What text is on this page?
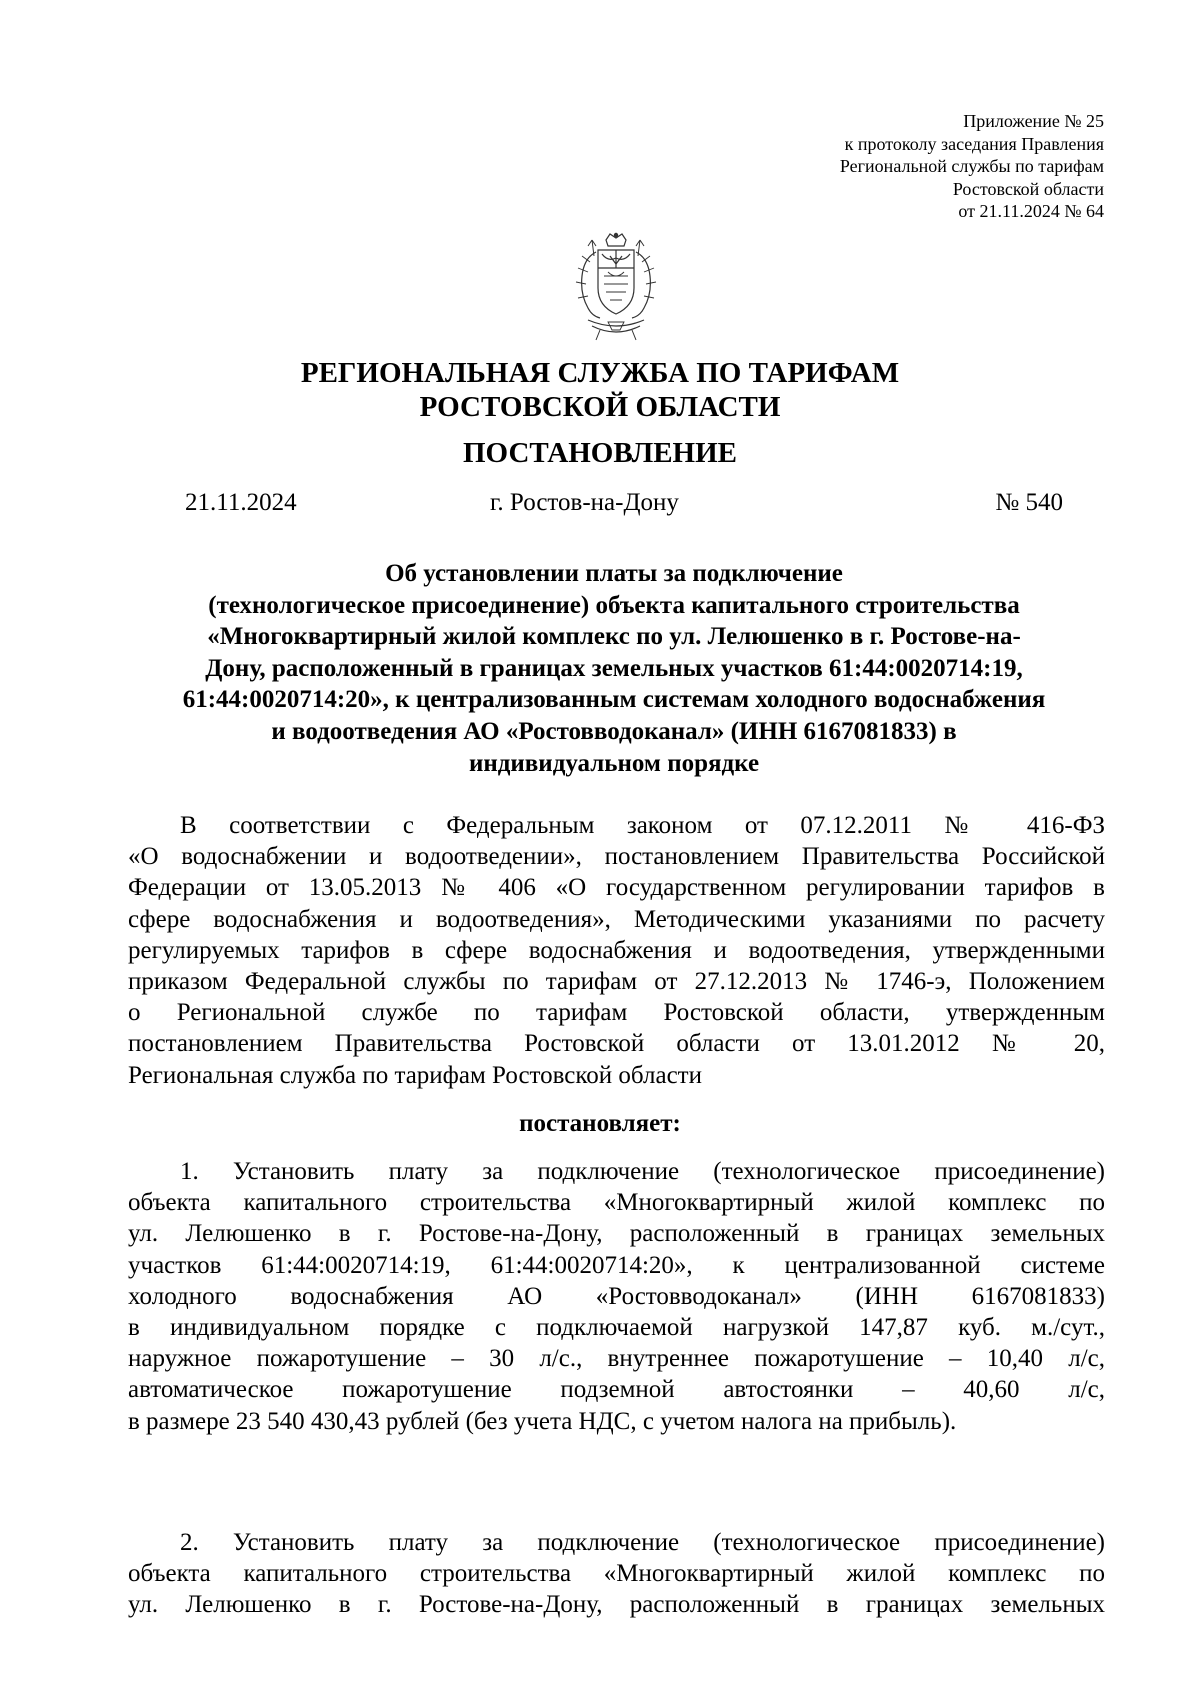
Приложение № 25
к протоколу заседания Правления
Региональной службы по тарифам
Ростовской области
от 21.11.2024 № 64
РЕГИОНАЛЬНАЯ СЛУЖБА ПО ТАРИФАМ
РОСТОВСКОЙ ОБЛАСТИ
ПОСТАНОВЛЕНИЕ
21.11.2024	г. Ростов-на-Дону	№ 540
Об установлении платы за подключение
(технологическое присоединение) объекта капитального строительства
«Многоквартирный жилой комплекс по ул. Лелюшенко в г. Ростове-на-
Дону, расположенный в границах земельных участков 61:44:0020714:19,
61:44:0020714:20», к централизованным системам холодного водоснабжения
и водоотведения АО «Ростовводоканал» (ИНН 6167081833) в
индивидуальном порядке
В соответствии с Федеральным законом от 07.12.2011 № 416-ФЗ
«О водоснабжении и водоотведении», постановлением Правительства Российской
Федерации от 13.05.2013 № 406 «О государственном регулировании тарифов в
сфере водоснабжения и водоотведения», Методическими указаниями по расчету
регулируемых тарифов в сфере водоснабжения и водоотведения, утвержденными
приказом Федеральной службы по тарифам от 27.12.2013 № 1746-э, Положением
о Региональной службе по тарифам Ростовской области, утвержденным
постановлением Правительства Ростовской области от 13.01.2012 № 20,
Региональная служба по тарифам Ростовской области
постановляет:
1. Установить плату за подключение (технологическое присоединение)
объекта капитального строительства «Многоквартирный жилой комплекс по
ул. Лелюшенко в г. Ростове-на-Дону, расположенный в границах земельных
участков 61:44:0020714:19, 61:44:0020714:20», к централизованной системе
холодного водоснабжения АО «Ростовводоканал» (ИНН 6167081833)
в индивидуальном порядке с подключаемой нагрузкой 147,87 куб. м./сут.,
наружное пожаротушение – 30 л/с., внутреннее пожаротушение – 10,40 л/с,
автоматическое пожаротушение подземной автостоянки – 40,60 л/с,
в размере 23 540 430,43 рублей (без учета НДС, с учетом налога на прибыль).
2. Установить плату за подключение (технологическое присоединение)
объекта капитального строительства «Многоквартирный жилой комплекс по
ул. Лелюшенко в г. Ростове-на-Дону, расположенный в границах земельных
